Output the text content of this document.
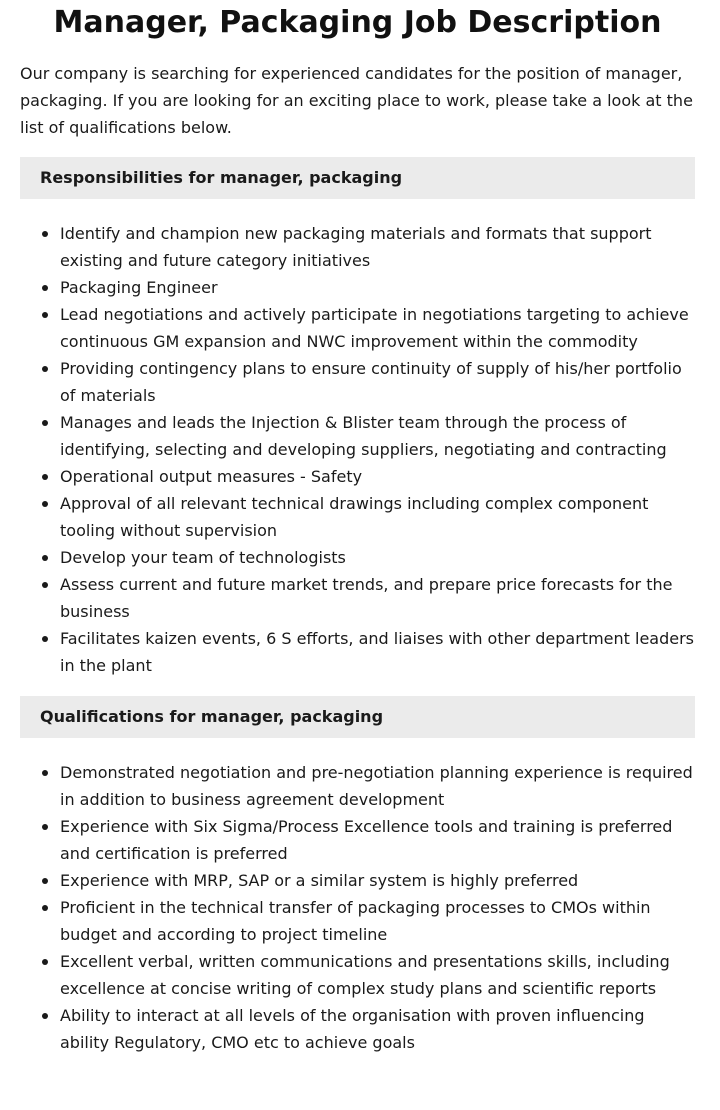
Manager, Packaging Job Description

Our company is searching for experienced candidates for the position of manager, packaging. If you are looking for an exciting place to work, please take a look at the list of qualifications below.

Responsibilities for manager, packaging
Identify and champion new packaging materials and formats that support existing and future category initiatives
Packaging Engineer
Lead negotiations and actively participate in negotiations targeting to achieve continuous GM expansion and NWC improvement within the commodity
Providing contingency plans to ensure continuity of supply of his/her portfolio of materials
Manages and leads the Injection & Blister team through the process of identifying, selecting and developing suppliers, negotiating and contracting
Operational output measures - Safety
Approval of all relevant technical drawings including complex component tooling without supervision
Develop your team of technologists
Assess current and future market trends, and prepare price forecasts for the business
Facilitates kaizen events, 6 S efforts, and liaises with other department leaders in the plant
Qualifications for manager, packaging
Demonstrated negotiation and pre-negotiation planning experience is required in addition to business agreement development
Experience with Six Sigma/Process Excellence tools and training is preferred and certification is preferred
Experience with MRP, SAP or a similar system is highly preferred
Proficient in the technical transfer of packaging processes to CMOs within budget and according to project timeline
Excellent verbal, written communications and presentations skills, including excellence at concise writing of complex study plans and scientific reports
Ability to interact at all levels of the organisation with proven influencing ability Regulatory, CMO etc to achieve goals
